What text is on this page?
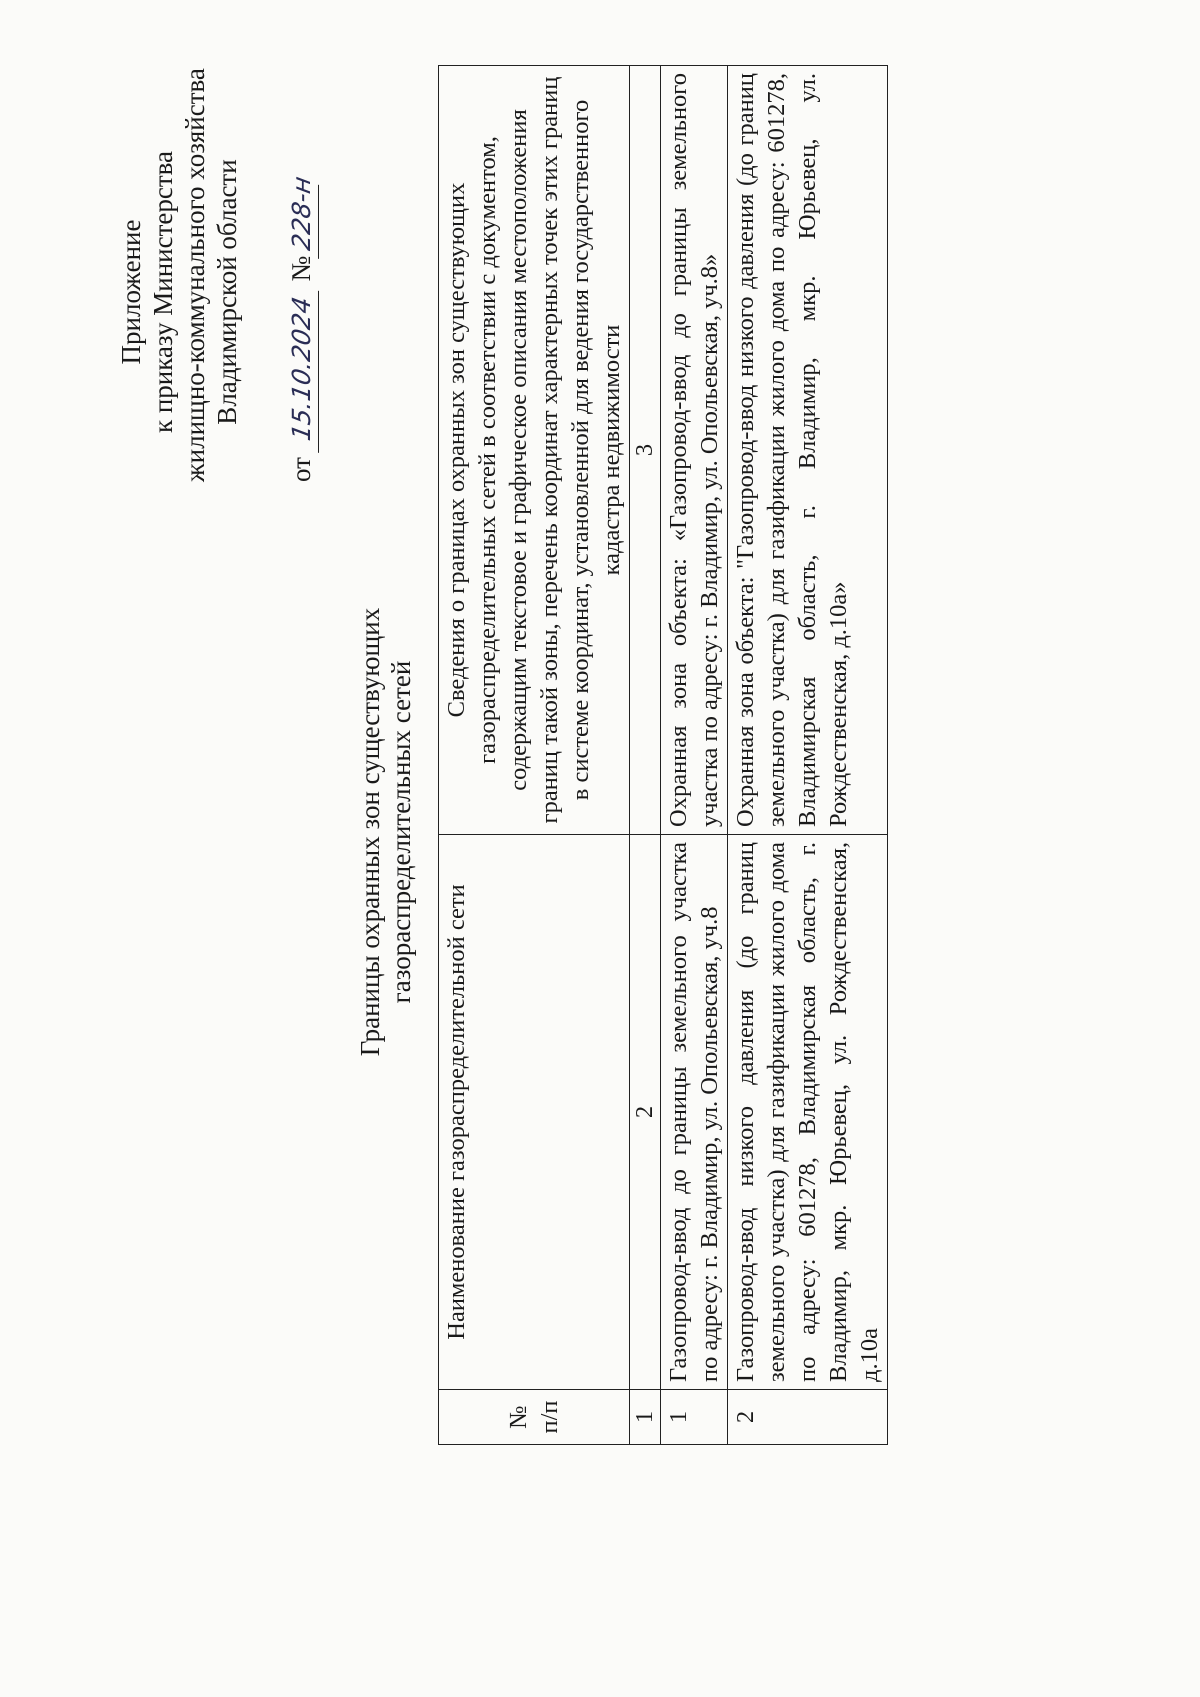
Приложение к приказу Министерства жилищно-коммунального хозяйства Владимирской области
от 15.10.2024 №228-н
Границы охранных зон существующих газораспределительных сетей
№ п/п	Наименование газораспределительной сети	Сведения о границах охранных зон существующих газораспределительных сетей в соответствии с документом, содержащим текстовое и графическое описания местоположения границ такой зоны, перечень координат характерных точек этих границ в системе координат, установленной для ведения государственного кадастра недвижимости
1	2	3
1	Газопровод-ввод до границы земельного участка по адресу: г. Владимир, ул. Опольевская, уч.8	Охранная зона объекта: «Газопровод-ввод до границы земельного участка по адресу: г. Владимир, ул. Опольевская, уч.8»
2	Газопровод-ввод низкого давления (до границ земельного участка) для газификации жилого дома по адресу: 601278, Владимирская область, г. Владимир, мкр. Юрьевец, ул. Рождественская, д.10а	Охранная зона объекта: "Газопровод-ввод низкого давления (до границ земельного участка) для газификации жилого дома по адресу: 601278, Владимирская область, г. Владимир, мкр. Юрьевец, ул. Рождественская, д.10а»
